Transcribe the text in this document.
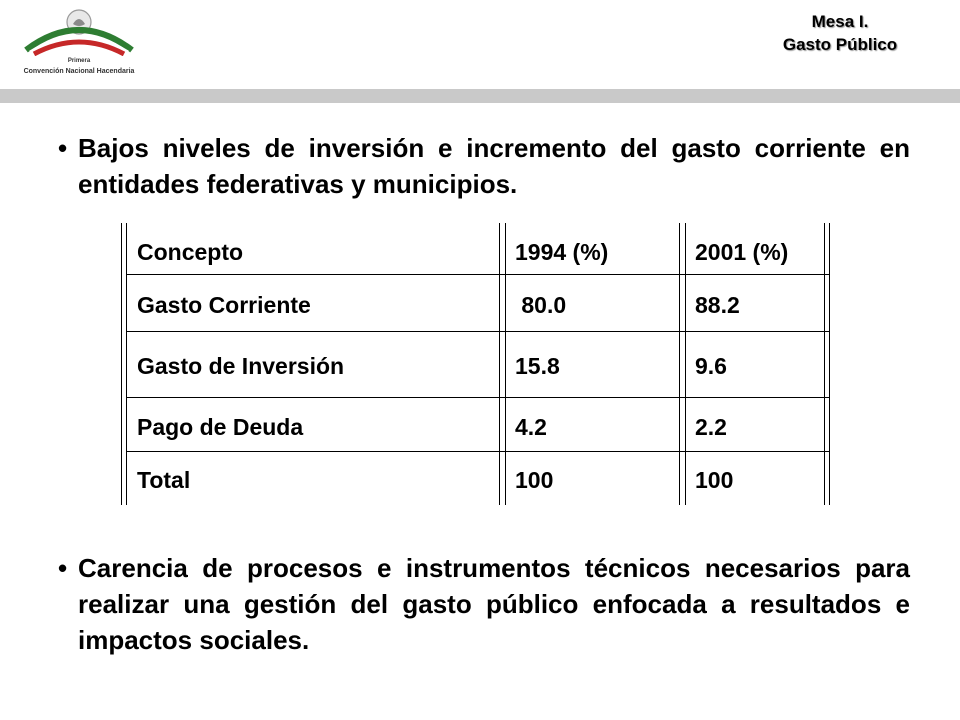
Primera
Convención Nacional Hacendaria
Mesa I.
Gasto Público
• Bajos niveles de inversión e incremento del gasto corriente en entidades federativas y municipios.
Concepto	1994 (%)	2001 (%)
Gasto Corriente	80.0	88.2
Gasto de Inversión	15.8	9.6
Pago de Deuda	4.2	2.2
Total	100	100
• Carencia de procesos e instrumentos técnicos necesarios para realizar una gestión del gasto público enfocada a resultados e impactos sociales.
